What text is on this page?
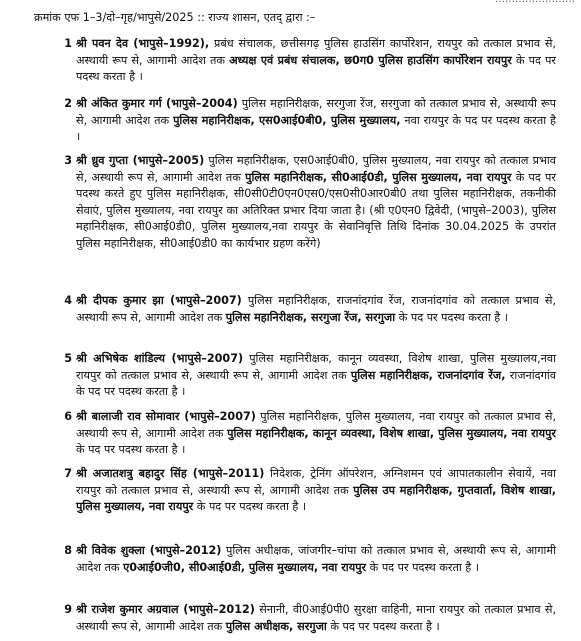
क्रमांक एफ 1–3/दो–गृह/भापुसे/2025 :: राज्य शासन, एतद् द्वारा :–
1 श्री पवन देव (भापुसे–1992), प्रबंध संचालक, छत्तीसगढ़ पुलिस हाउसिंग कार्पोरेशन, रायपुर को तत्काल प्रभाव से, अस्थायी रूप से, आगामी आदेश तक अध्यक्ष एवं प्रबंध संचालक, छ0ग0 पुलिस हाउसिंग कार्पोरेशन रायपुर के पद पर पदस्थ करता है ।

2 श्री अंकित कुमार गर्ग (भापुसे–2004) पुलिस महानिरीक्षक, सरगुजा रेंज, सरगुजा को तत्काल प्रभाव से, अस्थायी रूप से, आगामी आदेश तक पुलिस महानिरीक्षक, एस0आई0बी0, पुलिस मुख्यालय, नवा रायपुर के पद पर पदस्थ करता है ।

3 श्री ध्रुव गुप्ता (भापुसे–2005) पुलिस महानिरीक्षक, एस0आई0बी0, पुलिस मुख्यालय, नवा रायपुर को तत्काल प्रभाव से, अस्थायी रूप से, आगामी आदेश तक पुलिस महानिरीक्षक, सी0आई0डी, पुलिस मुख्यालय, नवा रायपुर के पद पर पदस्थ करते हुए पुलिस महानिरीक्षक, सी0सी0टी0एन0एस0/एस0सी0आर0बी0 तथा पुलिस महानिरीक्षक, तकनीकी सेवाएं, पुलिस मुख्यालय, नवा रायपुर का अतिरिक्त प्रभार दिया जाता है। (श्री ए0एन0 द्विवेदी, (भापुसे–2003), पुलिस महानिरीक्षक, सी0आई0डी0, पुलिस मुख्यालय,नवा रायपुर के सेवानिवृत्ति तिथि दिनांक 30.04.2025 के उपरांत पुलिस महानिरीक्षक, सी0आई0डी0 का कार्यभार ग्रहण करेंगे)

4 श्री दीपक कुमार झा (भापुसे–2007) पुलिस महानिरीक्षक, राजनांदगांव रेंज, राजनांदगांव को तत्काल प्रभाव से, अस्थायी रूप से, आगामी आदेश तक पुलिस महानिरीक्षक, सरगुजा रेंज, सरगुजा के पद पर पदस्थ करता है ।

5 श्री अभिषेक शांडिल्य (भापुसे–2007) पुलिस महानिरीक्षक, कानून व्यवस्था, विशेष शाखा, पुलिस मुख्यालय,नवा रायपुर को तत्काल प्रभाव से, अस्थायी रूप से, आगामी आदेश तक पुलिस महानिरीक्षक, राजनांदगांव रेंज, राजनांदगांव के पद पर पदस्थ करता है ।

6 श्री बालाजी राव सोमावार (भापुसे–2007) पुलिस महानिरीक्षक, पुलिस मुख्यालय, नवा रायपुर को तत्काल प्रभाव से, अस्थायी रूप से, आगामी आदेश तक पुलिस महानिरीक्षक, कानून व्यवस्था, विशेष शाखा, पुलिस मुख्यालय, नवा रायपुर के पद पर पदस्थ करता है ।

7 श्री अजातशत्रु बहादुर सिंह (भापुसे–2011) निदेशक, ट्रेनिंग ऑपरेशन, अग्निशमन एवं आपातकालीन सेवायें, नवा रायपुर को तत्काल प्रभाव से, अस्थायी रूप से, आगामी आदेश तक पुलिस उप महानिरीक्षक, गुप्तवार्ता, विशेष शाखा, पुलिस मुख्यालय, नवा रायपुर के पद पर पदस्थ करता है ।

8 श्री विवेक शुक्ला (भापुसे–2012) पुलिस अधीक्षक, जांजगीर–चांपा को तत्काल प्रभाव से, अस्थायी रूप से, आगामी आदेश तक ए0आई0जी0, सी0आई0डी, पुलिस मुख्यालय, नवा रायपुर के पद पर पदस्थ करता है ।

9 श्री राजेश कुमार अग्रवाल (भापुसे–2012) सेनानी, वी0आई0पी0 सुरक्षा वाहिनी, माना रायपुर को तत्काल प्रभाव से, अस्थायी रूप से, आगामी आदेश तक पुलिस अधीक्षक, सरगुजा के पद पर पदस्थ करता है ।
